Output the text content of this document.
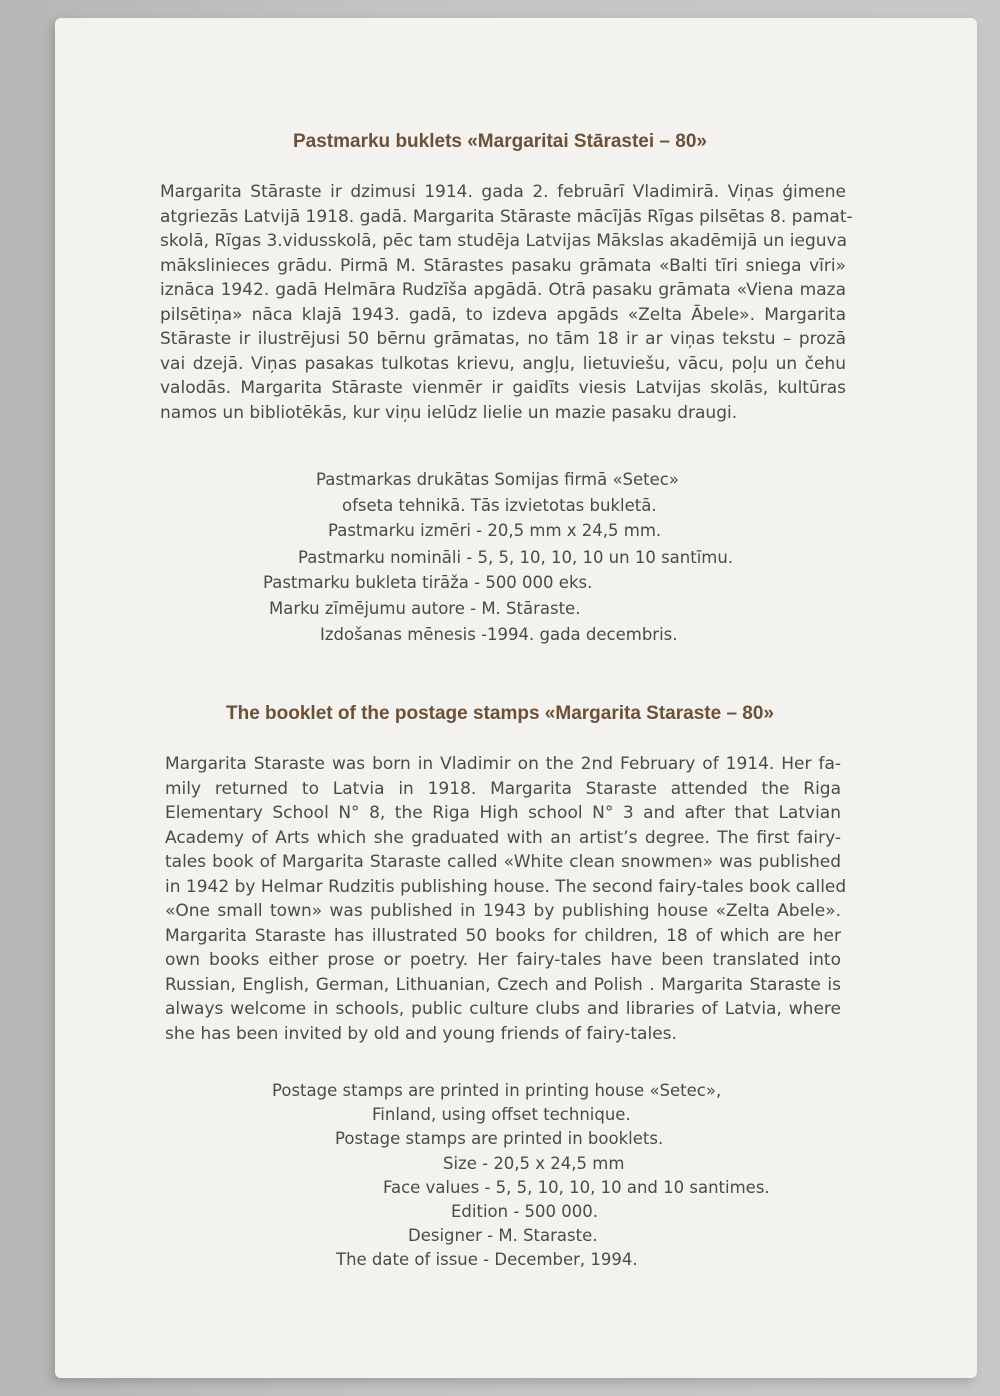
Pastmarku buklets «Margaritai Stārastei – 80»
Margarita Stāraste ir dzimusi 1914. gada 2. februārī Vladimirā. Viņas ģimene
atgriezās Latvijā 1918. gadā. Margarita Stāraste mācījās Rīgas pilsētas 8. pamat-
skolā, Rīgas 3.vidusskolā, pēc tam studēja Latvijas Mākslas akadēmijā un ieguva
mākslinieces grādu. Pirmā M. Stārastes pasaku grāmata «Balti tīri sniega vīri»
iznāca 1942. gadā Helmāra Rudzīša apgādā. Otrā pasaku grāmata «Viena maza
pilsētiņa» nāca klajā 1943. gadā, to izdeva apgāds «Zelta Ābele». Margarita
Stāraste ir ilustrējusi 50 bērnu grāmatas, no tām 18 ir ar viņas tekstu – prozā
vai dzejā. Viņas pasakas tulkotas krievu, angļu, lietuviešu, vācu, poļu un čehu
valodās. Margarita Stāraste vienmēr ir gaidīts viesis Latvijas skolās, kultūras
namos un bibliotēkās, kur viņu ielūdz lielie un mazie pasaku draugi.
Pastmarkas drukātas Somijas firmā «Setec»
ofseta tehnikā. Tās izvietotas bukletā.
Pastmarku izmēri - 20,5 mm x 24,5 mm.
Pastmarku nomināli - 5, 5, 10, 10, 10 un 10 santīmu.
Pastmarku bukleta tirāža - 500 000 eks.
Marku zīmējumu autore - M. Stāraste.
Izdošanas mēnesis -1994. gada decembris.
The booklet of the postage stamps «Margarita Staraste – 80»
Margarita Staraste was born in Vladimir on the 2nd February of 1914. Her fa-
mily returned to Latvia in 1918. Margarita Staraste attended the Riga
Elementary School N° 8, the Riga High school N° 3 and after that Latvian
Academy of Arts which she graduated with an artist’s degree. The first fairy-
tales book of Margarita Staraste called «White clean snowmen» was published
in 1942 by Helmar Rudzitis publishing house. The second fairy-tales book called
«One small town» was published in 1943 by publishing house «Zelta Abele».
Margarita Staraste has illustrated 50 books for children, 18 of which are her
own books either prose or poetry. Her fairy-tales have been translated into
Russian, English, German, Lithuanian, Czech and Polish . Margarita Staraste is
always welcome in schools, public culture clubs and libraries of Latvia, where
she has been invited by old and young friends of fairy-tales.
Postage stamps are printed in printing house «Setec»,
Finland, using offset technique.
Postage stamps are printed in booklets.
Size - 20,5 x 24,5 mm
Face values - 5, 5, 10, 10, 10 and 10 santimes.
Edition - 500 000.
Designer - M. Staraste.
The date of issue - December, 1994.
